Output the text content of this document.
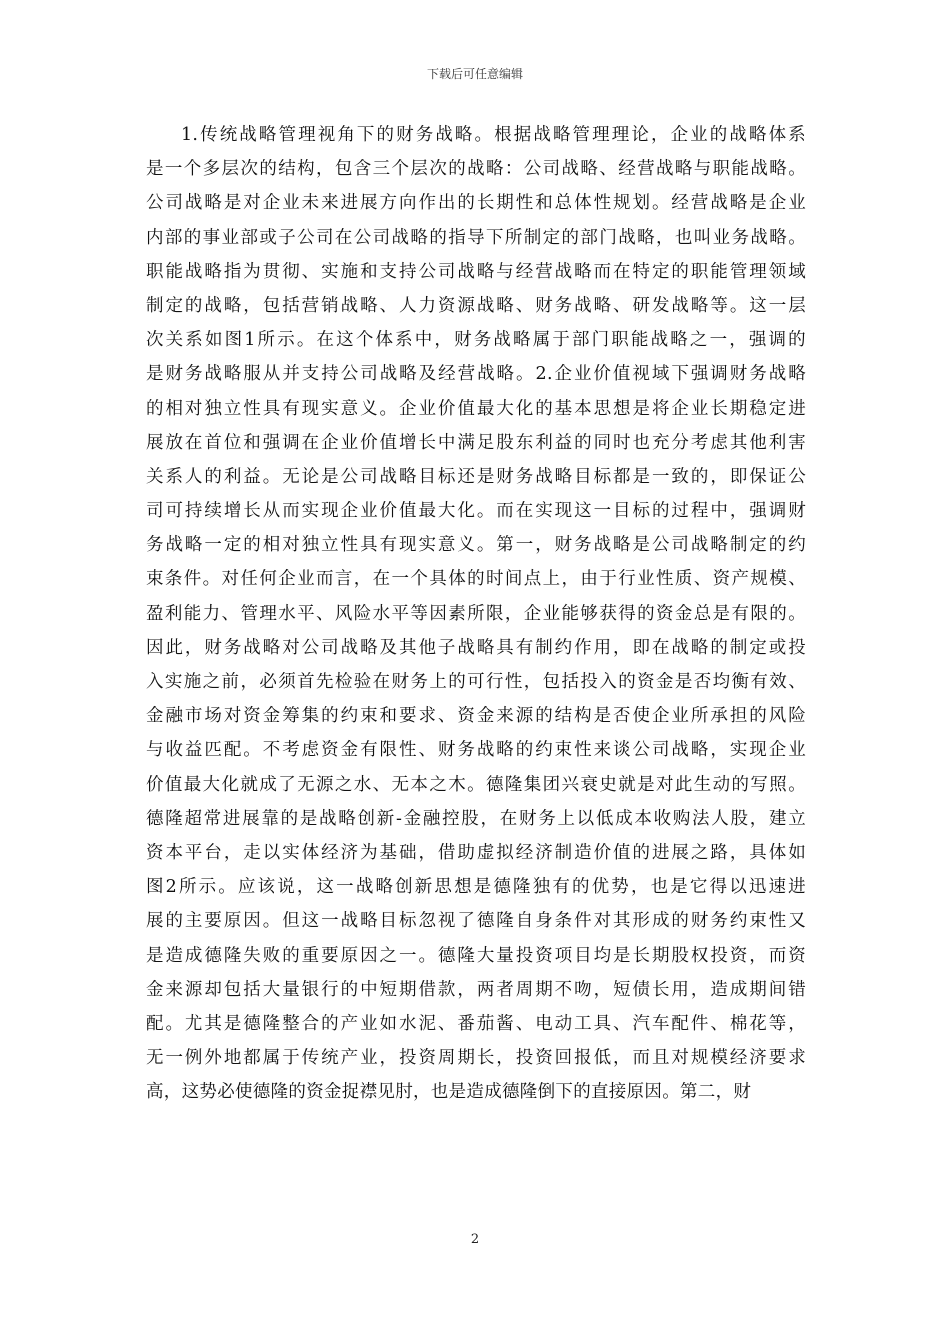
下载后可任意编辑
1.传统战略管理视角下的财务战略。根据战略管理理论，企业的战略体系
是一个多层次的结构，包含三个层次的战略：公司战略、经营战略与职能战略。
公司战略是对企业未来进展方向作出的长期性和总体性规划。经营战略是企业
内部的事业部或子公司在公司战略的指导下所制定的部门战略，也叫业务战略。
职能战略指为贯彻、实施和支持公司战略与经营战略而在特定的职能管理领域
制定的战略，包括营销战略、人力资源战略、财务战略、研发战略等。这一层
次关系如图1所示。在这个体系中，财务战略属于部门职能战略之一，强调的
是财务战略服从并支持公司战略及经营战略。2.企业价值视域下强调财务战略
的相对独立性具有现实意义。企业价值最大化的基本思想是将企业长期稳定进
展放在首位和强调在企业价值增长中满足股东利益的同时也充分考虑其他利害
关系人的利益。无论是公司战略目标还是财务战略目标都是一致的，即保证公
司可持续增长从而实现企业价值最大化。而在实现这一目标的过程中，强调财
务战略一定的相对独立性具有现实意义。第一，财务战略是公司战略制定的约
束条件。对任何企业而言，在一个具体的时间点上，由于行业性质、资产规模、
盈利能力、管理水平、风险水平等因素所限，企业能够获得的资金总是有限的。
因此，财务战略对公司战略及其他子战略具有制约作用，即在战略的制定或投
入实施之前，必须首先检验在财务上的可行性，包括投入的资金是否均衡有效、
金融市场对资金筹集的约束和要求、资金来源的结构是否使企业所承担的风险
与收益匹配。不考虑资金有限性、财务战略的约束性来谈公司战略，实现企业
价值最大化就成了无源之水、无本之木。德隆集团兴衰史就是对此生动的写照。
德隆超常进展靠的是战略创新-金融控股，在财务上以低成本收购法人股，建立
资本平台，走以实体经济为基础，借助虚拟经济制造价值的进展之路，具体如
图2所示。应该说，这一战略创新思想是德隆独有的优势，也是它得以迅速进
展的主要原因。但这一战略目标忽视了德隆自身条件对其形成的财务约束性又
是造成德隆失败的重要原因之一。德隆大量投资项目均是长期股权投资，而资
金来源却包括大量银行的中短期借款，两者周期不吻，短债长用，造成期间错
配。尤其是德隆整合的产业如水泥、番茄酱、电动工具、汽车配件、棉花等，
无一例外地都属于传统产业，投资周期长，投资回报低，而且对规模经济要求
高，这势必使德隆的资金捉襟见肘，也是造成德隆倒下的直接原因。第二，财
2
